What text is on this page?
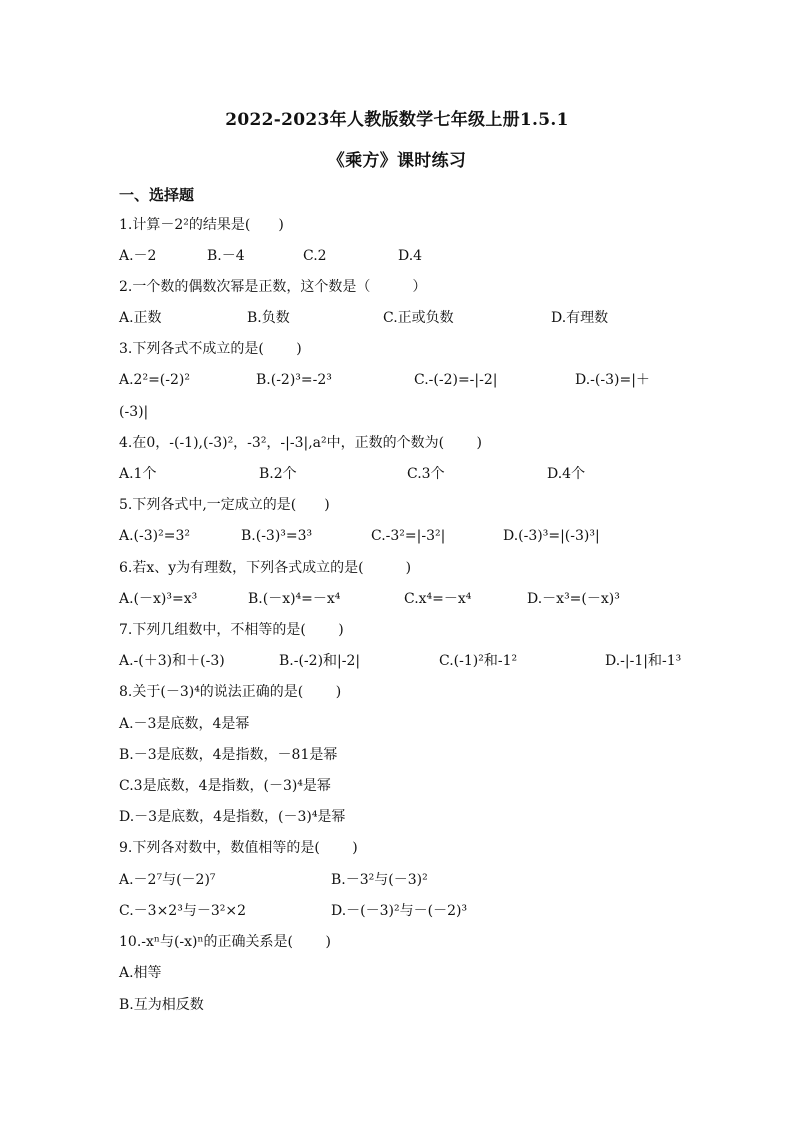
2022-2023年人教版数学七年级上册1.5.1
《乘方》课时练习
一、选择题
1.计算－2²的结果是(　　)
A.－2	B.－4	C.2	D.4
2.一个数的偶数次幂是正数，这个数是（　　　）
A.正数	B.负数	C.正或负数	D.有理数
3.下列各式不成立的是(　　 )
A.2²=(-2)²	B.(-2)³=-2³	C.-(-2)=-|-2|	D.-(-3)=|＋
(-3)|
4.在0，-(-1),(-3)²，-3²，-|-3|,a²中，正数的个数为(　　 )
A.1个	B.2个	C.3个	D.4个
5.下列各式中,一定成立的是(　　)
A.(-3)²=3²	B.(-3)³=3³	C.-3²=|-3²|	D.(-3)³=|(-3)³|
6.若x、y为有理数，下列各式成立的是(　　　)
A.(－x)³=x³	B.(－x)⁴=－x⁴	C.x⁴=－x⁴	D.－x³=(－x)³
7.下列几组数中，不相等的是(　　 )
A.-(＋3)和＋(-3)	B.-(-2)和|-2|	C.(-1)²和-1²	D.-|-1|和-1³
8.关于(－3)⁴的说法正确的是(　　 )
A.－3是底数，4是幂
B.－3是底数，4是指数，－81是幂
C.3是底数，4是指数，(－3)⁴是幂
D.－3是底数，4是指数，(－3)⁴是幂
9.下列各对数中，数值相等的是(　　 )
A.－2⁷与(－2)⁷	B.－3²与(－3)²
C.－3×2³与－3²×2	D.－(－3)²与－(－2)³
10.-xⁿ与(-x)ⁿ的正确关系是(　　 )
A.相等
B.互为相反数
